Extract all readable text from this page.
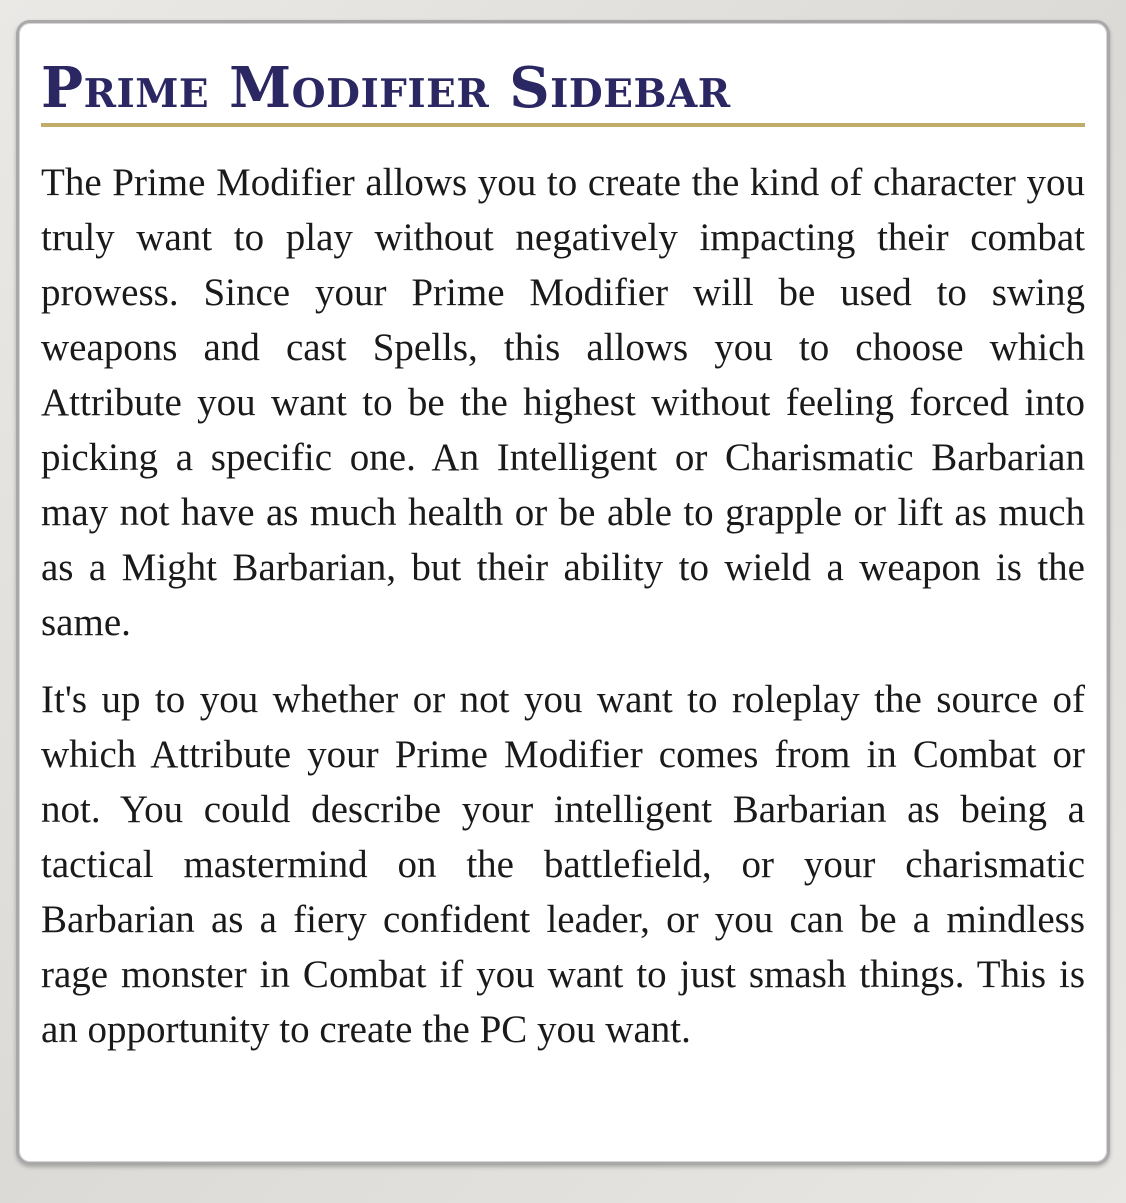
Prime Modifier Sidebar

The Prime Modifier allows you to create the kind of character you truly want to play without negatively impacting their combat prowess. Since your Prime Modifier will be used to swing weapons and cast Spells, this allows you to choose which Attribute you want to be the highest without feeling forced into picking a specific one. An Intelligent or Charismatic Barbarian may not have as much health or be able to grapple or lift as much as a Might Barbarian, but their ability to wield a weapon is the same.

It's up to you whether or not you want to roleplay the source of which Attribute your Prime Modifier comes from in Combat or not. You could describe your intelligent Barbarian as being a tactical mastermind on the battlefield, or your charismatic Barbarian as a fiery confident leader, or you can be a mindless rage monster in Combat if you want to just smash things. This is an opportunity to create the PC you want.
